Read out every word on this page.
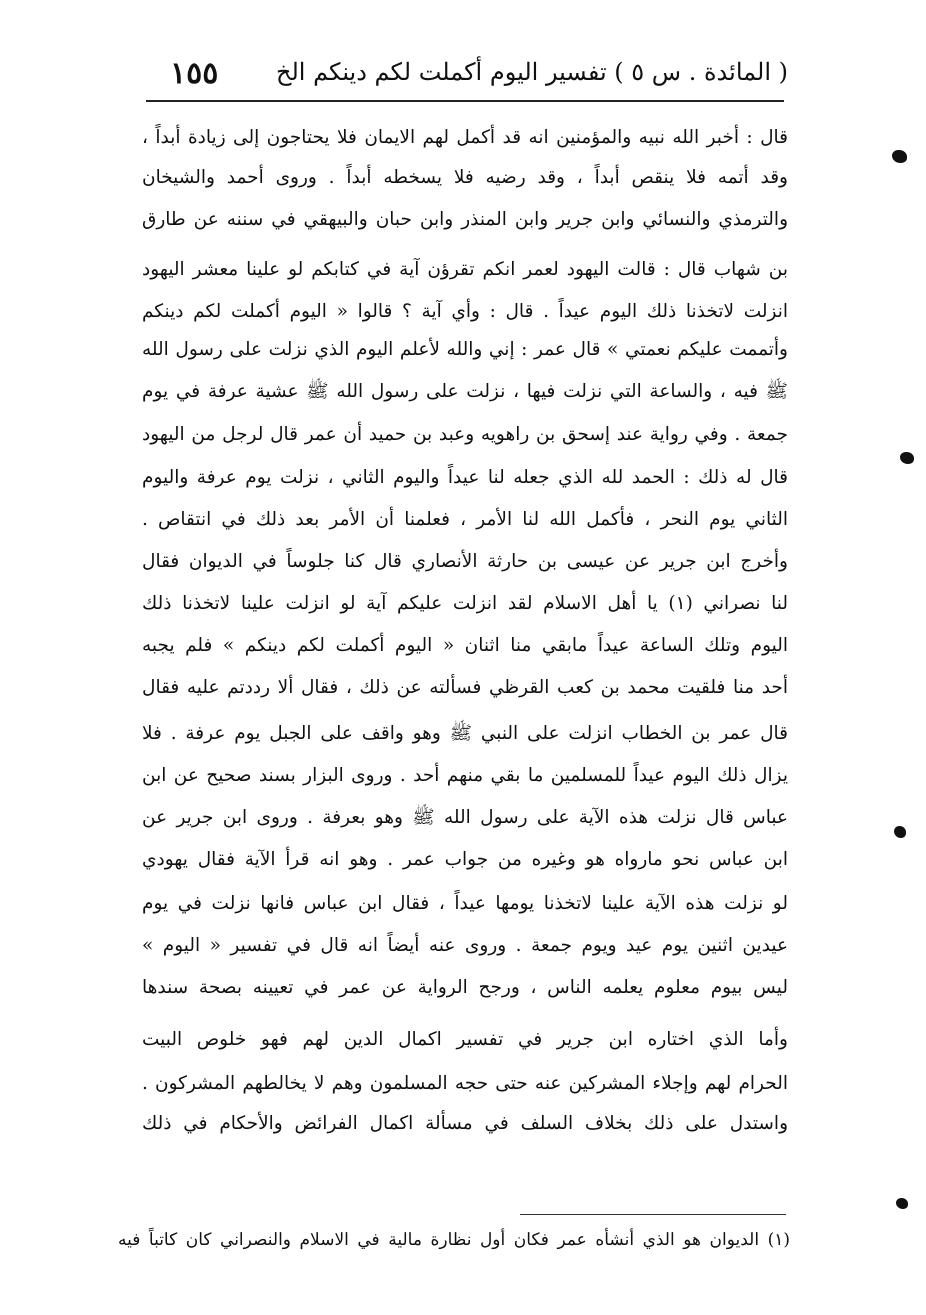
( المائدة . س ٥ ) تفسير اليوم أكملت لكم دينكم الخ
١٥٥
قال : أخبر الله نبيه والمؤمنين انه قد أكمل لهم الايمان فلا يحتاجون إلى زيادة أبداً ،
وقد أتمه فلا ينقص أبداً ، وقد رضيه فلا يسخطه أبداً . وروى أحمد والشيخان
والترمذي والنسائي وابن جرير وابن المنذر وابن حبان والبيهقي في سننه عن طارق
بن شهاب قال : قالت اليهود لعمر انكم تقرؤن آية في كتابكم لو علينا معشر اليهود
انزلت لاتخذنا ذلك اليوم عيداً . قال : وأي آية ؟ قالوا « اليوم أكملت لكم دينكم
وأتممت عليكم نعمتي » قال عمر : إني والله لأعلم اليوم الذي نزلت على رسول الله
ﷺ فيه ، والساعة التي نزلت فيها ، نزلت على رسول الله ﷺ عشية عرفة في يوم
جمعة . وفي رواية عند إسحق بن راهويه وعبد بن حميد أن عمر قال لرجل من اليهود
قال له ذلك : الحمد لله الذي جعله لنا عيداً واليوم الثاني ، نزلت يوم عرفة واليوم
الثاني يوم النحر ، فأكمل الله لنا الأمر ، فعلمنا أن الأمر بعد ذلك في انتقاص .
وأخرج ابن جرير عن عيسى بن حارثة الأنصاري قال كنا جلوساً في الديوان فقال
لنا نصراني (١) يا أهل الاسلام لقد انزلت عليكم آية لو انزلت علينا لاتخذنا ذلك
اليوم وتلك الساعة عيداً مابقي منا اثنان « اليوم أكملت لكم دينكم » فلم يجبه
أحد منا فلقيت محمد بن كعب القرظي فسألته عن ذلك ، فقال ألا رددتم عليه فقال
قال عمر بن الخطاب انزلت على النبي ﷺ وهو واقف على الجبل يوم عرفة . فلا
يزال ذلك اليوم عيداً للمسلمين ما بقي منهم أحد . وروى البزار بسند صحيح عن ابن
عباس قال نزلت هذه الآية على رسول الله ﷺ وهو بعرفة . وروى ابن جرير عن
ابن عباس نحو مارواه هو وغيره من جواب عمر . وهو انه قرأ الآية فقال يهودي
لو نزلت هذه الآية علينا لاتخذنا يومها عيداً ، فقال ابن عباس فانها نزلت في يوم
عيدين اثنين يوم عيد ويوم جمعة . وروى عنه أيضاً انه قال في تفسير « اليوم »
ليس بيوم معلوم يعلمه الناس ، ورجح الرواية عن عمر في تعيينه بصحة سندها
وأما الذي اختاره ابن جرير في تفسير اكمال الدين لهم فهو خلوص البيت
الحرام لهم وإجلاء المشركين عنه حتى حجه المسلمون وهم لا يخالطهم المشركون .
واستدل على ذلك بخلاف السلف في مسألة اكمال الفرائض والأحكام في ذلك
(١) الديوان هو الذي أنشأه عمر فكان أول نظارة مالية في الاسلام والنصراني كان كاتباً فيه
